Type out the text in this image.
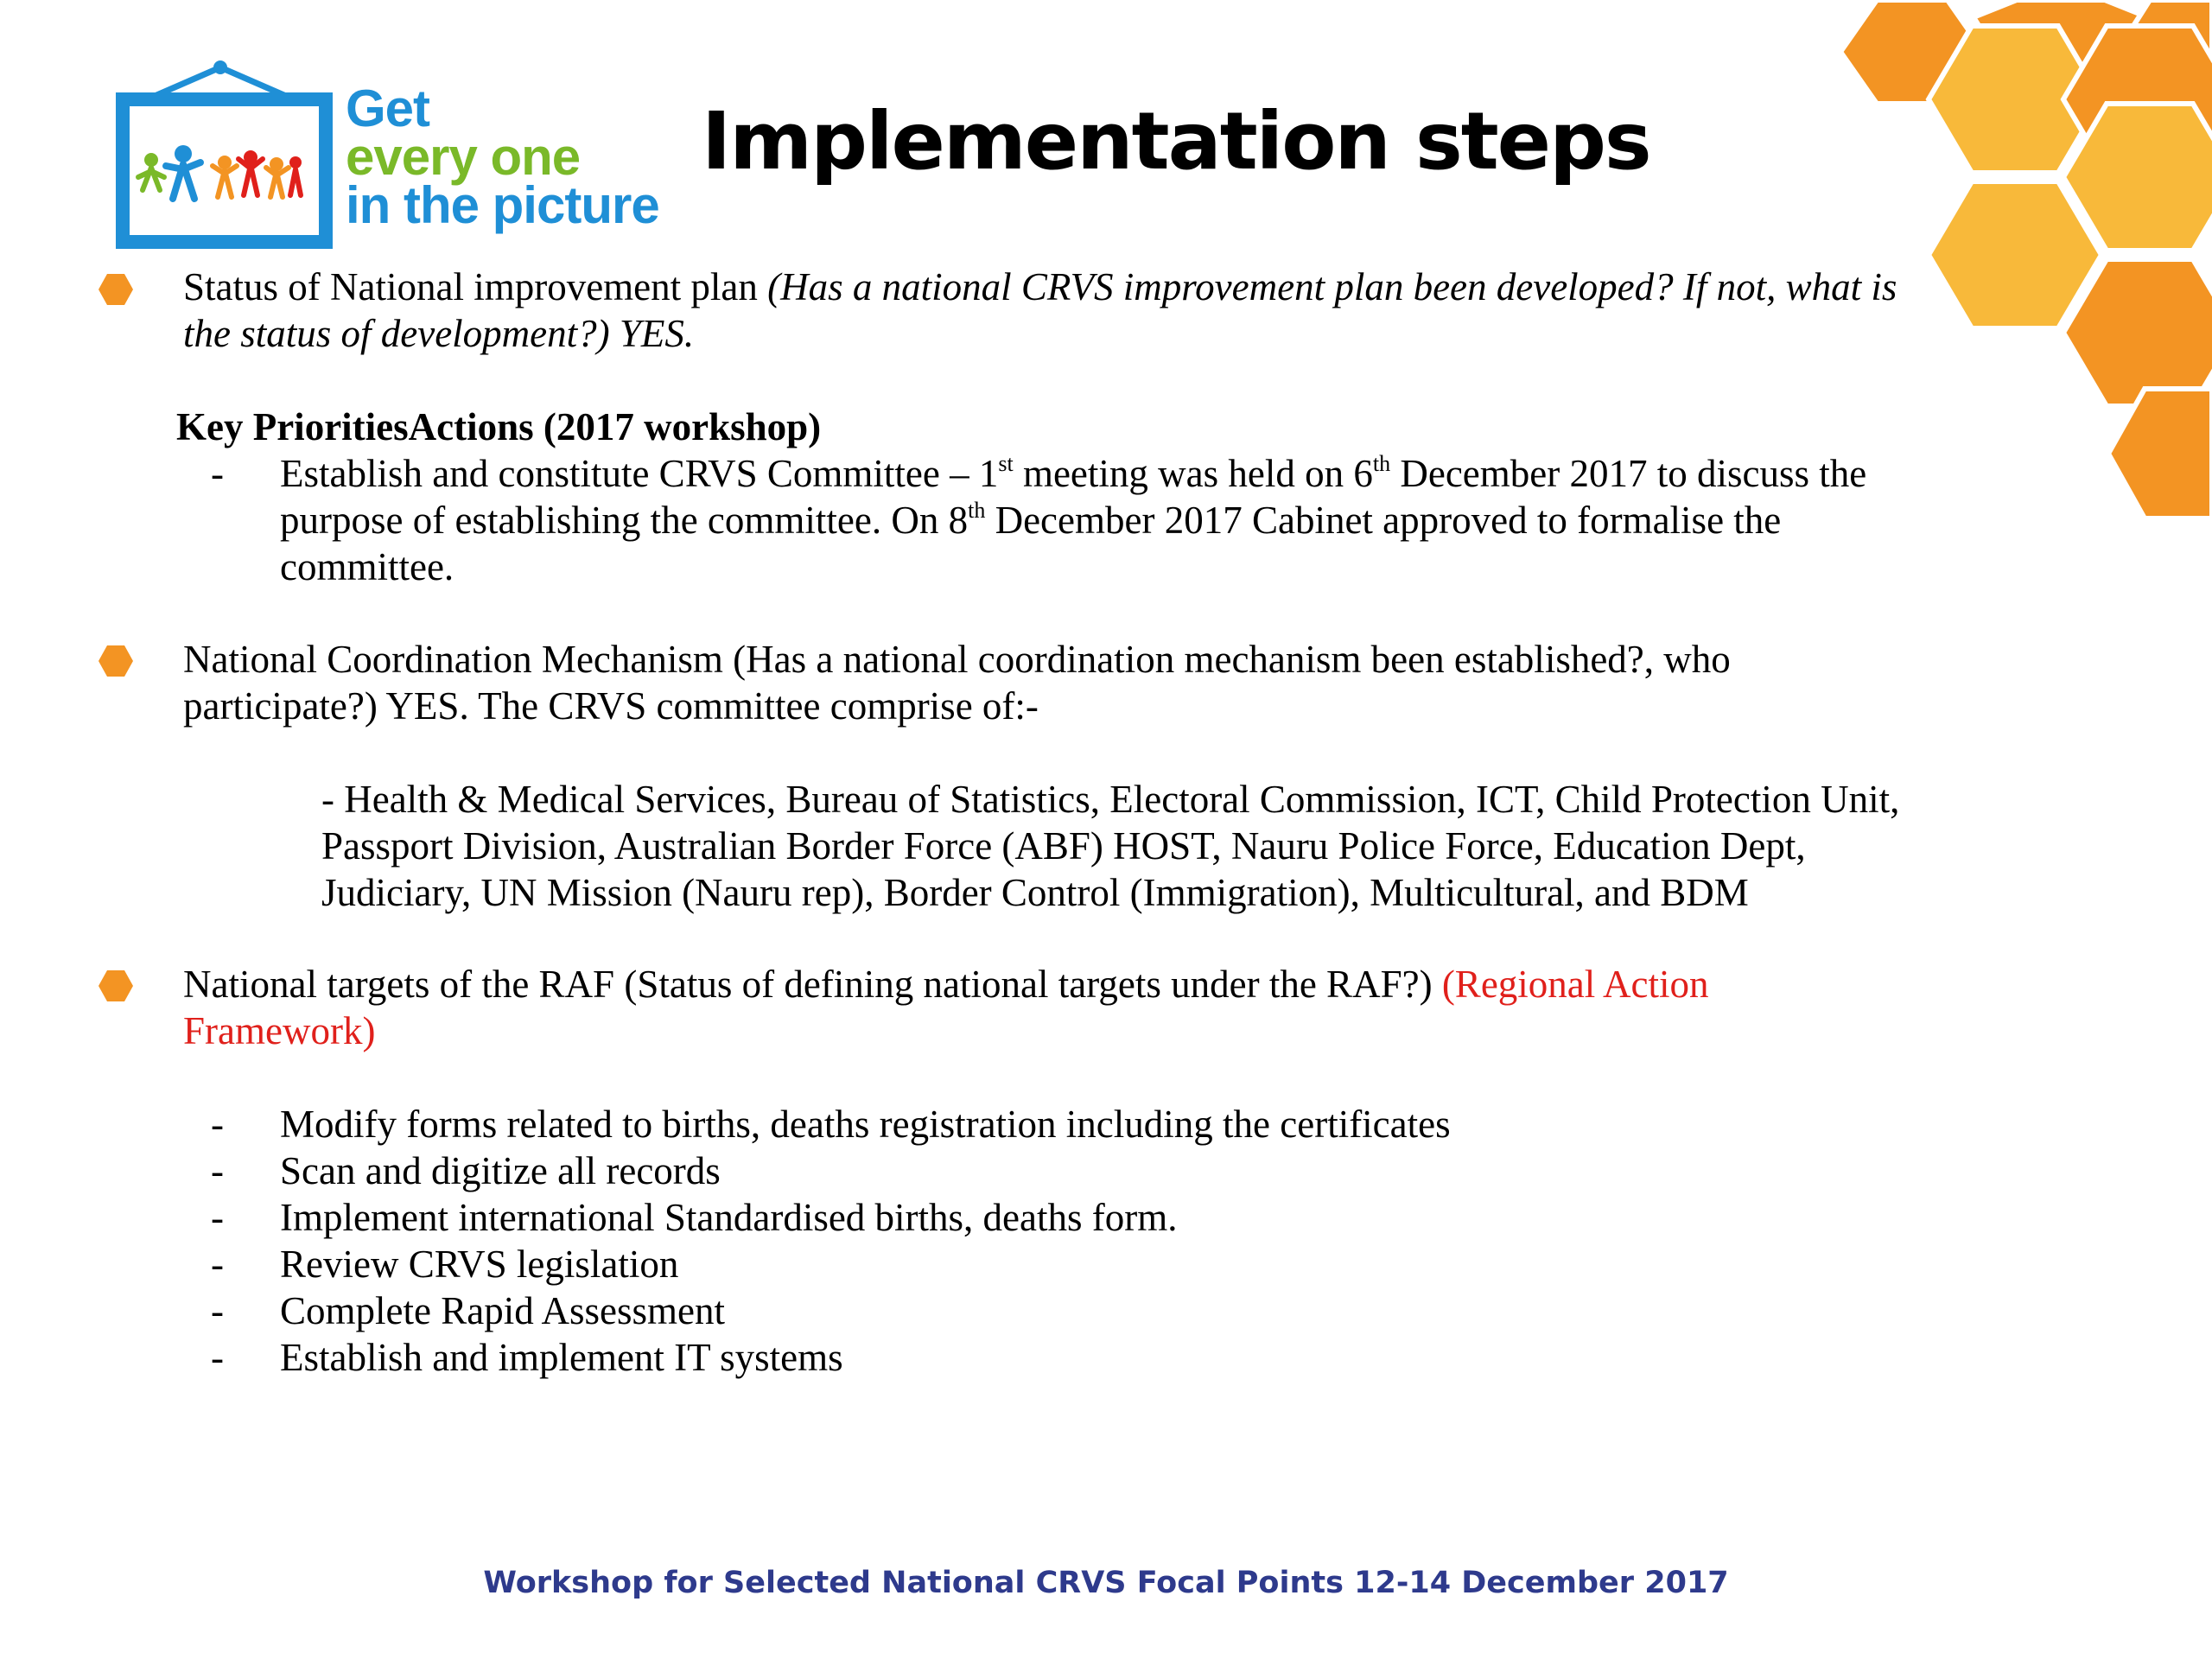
Get
every one
in the picture
Implementation steps
Status of National improvement plan (Has a national CRVS improvement plan been developed? If not, what is
the status of development?) YES.
Key PrioritiesActions (2017 workshop)
- Establish and constitute CRVS Committee – 1st meeting was held on 6th December 2017 to discuss the
purpose of establishing the committee. On 8th December 2017 Cabinet approved to formalise the
committee.
National Coordination Mechanism (Has a national coordination mechanism been established?, who
participate?) YES. The CRVS committee comprise of:-
- Health & Medical Services, Bureau of Statistics, Electoral Commission, ICT, Child Protection Unit,
Passport Division, Australian Border Force (ABF) HOST, Nauru Police Force, Education Dept,
Judiciary, UN Mission (Nauru rep), Border Control (Immigration), Multicultural, and BDM
National targets of the RAF (Status of defining national targets under the RAF?) (Regional Action
Framework)
- Modify forms related to births, deaths registration including the certificates
- Scan and digitize all records
- Implement international Standardised births, deaths form.
- Review CRVS legislation
- Complete Rapid Assessment
- Establish and implement IT systems
Workshop for Selected National CRVS Focal Points 12-14 December 2017
